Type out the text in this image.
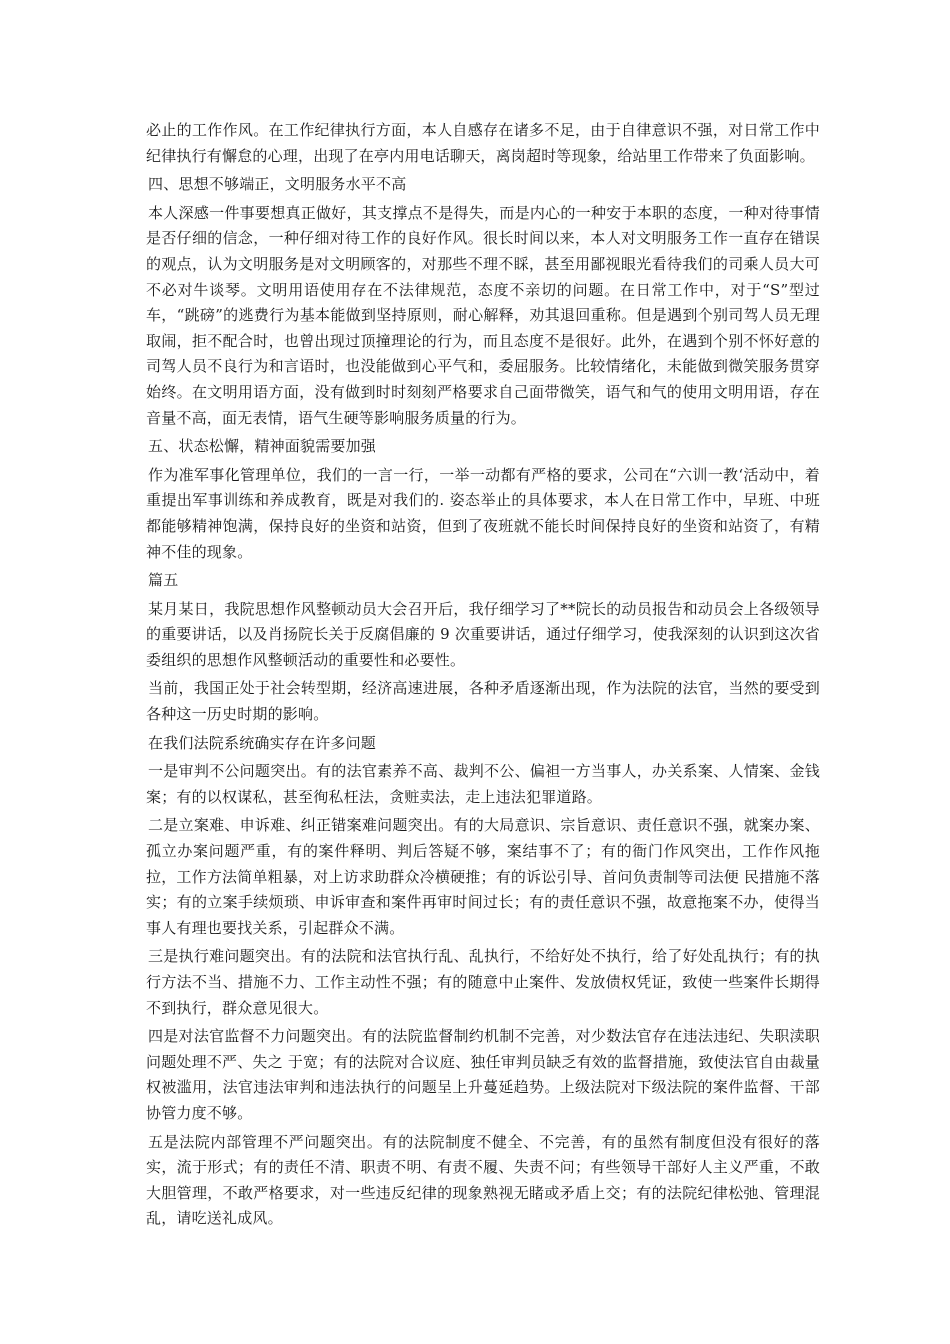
必止的工作作风。在工作纪律执行方面，本人自感存在诸多不足，由于自律意识不强，对日常工作中纪律执行有懈怠的心理，出现了在亭内用电话聊天，离岗超时等现象，给站里工作带来了负面影响。

四、思想不够端正，文明服务水平不高

本人深感一件事要想真正做好，其支撑点不是得失，而是内心的一种安于本职的态度，一种对待事情是否仔细的信念，一种仔细对待工作的良好作风。很长时间以来，本人对文明服务工作一直存在错误的观点，认为文明服务是对文明顾客的，对那些不理不睬，甚至用鄙视眼光看待我们的司乘人员大可不必对牛谈琴。文明用语使用存在不法律规范，态度不亲切的问题。在日常工作中，对于“S”型过车，“跳磅”的逃费行为基本能做到坚持原则，耐心解释，劝其退回重称。但是遇到个别司驾人员无理取闹，拒不配合时，也曾出现过顶撞理论的行为，而且态度不是很好。此外，在遇到个别不怀好意的司驾人员不良行为和言语时，也没能做到心平气和，委屈服务。比较情绪化，未能做到微笑服务贯穿始终。在文明用语方面，没有做到时时刻刻严格要求自己面带微笑，语气和气的使用文明用语，存在音量不高，面无表情，语气生硬等影响服务质量的行为。

五、状态松懈，精神面貌需要加强

作为准军事化管理单位，我们的一言一行，一举一动都有严格的要求，公司在“六训一教‘活动中，着重提出军事训练和养成教育，既是对我们的. 姿态举止的具体要求，本人在日常工作中，早班、中班都能够精神饱满，保持良好的坐资和站资，但到了夜班就不能长时间保持良好的坐资和站资了，有精神不佳的现象。

篇五

某月某日，我院思想作风整顿动员大会召开后，我仔细学习了**院长的动员报告和动员会上各级领导的重要讲话，以及肖扬院长关于反腐倡廉的 9 次重要讲话，通过仔细学习，使我深刻的认识到这次省委组织的思想作风整顿活动的重要性和必要性。

当前，我国正处于社会转型期，经济高速进展，各种矛盾逐渐出现，作为法院的法官，当然的要受到各种这一历史时期的影响。

在我们法院系统确实存在许多问题

一是审判不公问题突出。有的法官素养不高、裁判不公、偏袒一方当事人，办关系案、人情案、金钱案；有的以权谋私，甚至徇私枉法，贪赃卖法，走上违法犯罪道路。

二是立案难、申诉难、纠正错案难问题突出。有的大局意识、宗旨意识、责任意识不强，就案办案、孤立办案问题严重，有的案件释明、判后答疑不够，案结事不了；有的衙门作风突出，工作作风拖拉，工作方法简单粗暴，对上访求助群众冷横硬推；有的诉讼引导、首问负责制等司法便 民措施不落实；有的立案手续烦琐、申诉审查和案件再审时间过长；有的责任意识不强，故意拖案不办，使得当事人有理也要找关系，引起群众不满。

三是执行难问题突出。有的法院和法官执行乱、乱执行，不给好处不执行，给了好处乱执行；有的执行方法不当、措施不力、工作主动性不强；有的随意中止案件、发放债权凭证，致使一些案件长期得不到执行，群众意见很大。

四是对法官监督不力问题突出。有的法院监督制约机制不完善，对少数法官存在违法违纪、失职渎职问题处理不严、失之 于宽；有的法院对合议庭、独任审判员缺乏有效的监督措施，致使法官自由裁量权被滥用，法官违法审判和违法执行的问题呈上升蔓延趋势。上级法院对下级法院的案件监督、干部协管力度不够。

五是法院内部管理不严问题突出。有的法院制度不健全、不完善，有的虽然有制度但没有很好的落实，流于形式；有的责任不清、职责不明、有责不履、失责不问；有些领导干部好人主义严重，不敢大胆管理，不敢严格要求，对一些违反纪律的现象熟视无睹或矛盾上交；有的法院纪律松弛、管理混乱，请吃送礼成风。
